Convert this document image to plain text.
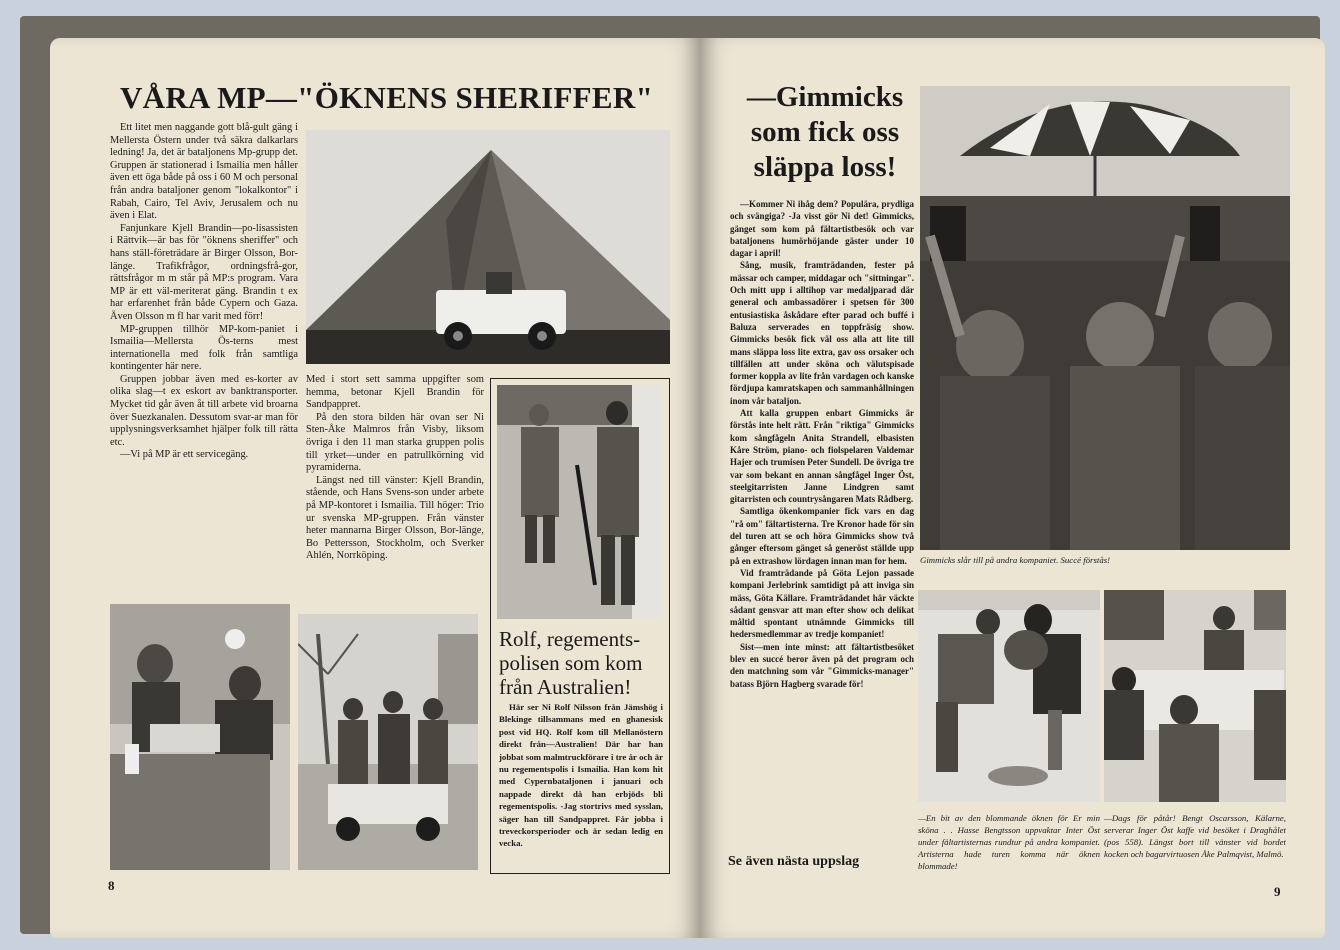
VÅRA MP—"ÖKNENS SHERIFFER"

Ett litet men naggande gott blå-gult gäng i Mellersta Östern under två säkra dalkarlars ledning! Ja, det är bataljonens Mp-grupp det. Gruppen är stationerad i Ismailia men håller även ett öga både på oss i 60 M och personal från andra bataljoner genom "lokalkontor" i Rabah, Cairo, Tel Aviv, Jerusalem och nu även i Elat.

Fanjunkare Kjell Brandin—po-lisassisten i Rättvik—är bas för "öknens sheriffer" och hans ställ-företrädare är Birger Olsson, Bor-länge. Trafikfrågor, ordningsfrå-gor, rättsfrågor m m står på MP:s program. Vara MP är ett väl-meriterat gäng. Brandin t ex har erfarenhet från både Cypern och Gaza. Även Olsson m fl har varit med förr!

MP-gruppen tillhör MP-kom-paniet i Ismailia—Mellersta Ös-terns mest internationella med folk från samtliga kontingenter här nere.

Gruppen jobbar även med es-korter av olika slag—t ex eskort av banktransporter. Mycket tid går även åt till arbete vid broarna över Suezkanalen. Dessutom svar-ar man för upplysningsverksamhet hjälper folk till rätta etc.

—Vi på MP är ett servicegäng.

Med i stort sett samma uppgifter som hemma, betonar Kjell Brandin för Sandpappret.

På den stora bilden här ovan ser Ni Sten-Åke Malmros från Visby, liksom övriga i den 11 man starka gruppen polis till yrket—under en patrullkörning vid pyramiderna.

Längst ned till vänster: Kjell Brandin, stående, och Hans Svens-son under arbete på MP-kontoret i Ismailia. Till höger: Trio ur svenska MP-gruppen. Från vänster heter mannarna Birger Olsson, Bor-länge, Bo Pettersson, Stockholm, och Sverker Ahlén, Norrköping.

Rolf, regements-polisen som kom från Australien!
Här ser Ni Rolf Nilsson från Jämshög i Blekinge tillsammans med en ghanesisk post vid HQ. Rolf kom till Mellanöstern direkt från—Australien! Där har han jobbat som malmtruckförare i tre år och är nu regementspolis i Ismailia. Han kom hit med Cypernbataljonen i januari och nappade direkt då han erbjöds bli regementspolis. -Jag stortrivs med sysslan, säger han till Sandpappret. Får jobba i treveckorsperioder och är sedan ledig en vecka.
8
—Gimmicks som fick oss släppa loss!

—Kommer Ni ihåg dem? Populära, prydliga och svängiga? -Ja visst gör Ni det! Gimmicks, gänget som kom på fältartistbesök och var bataljonens humörhöjande gäster under 10 dagar i april!

Sång, musik, framträdanden, fester på mässar och camper, middagar och "sittningar". Och mitt upp i alltihop var medaljparad där general och ambassadörer i spetsen för 300 entusiastiska åskådare efter parad och buffé i Baluza serverades en toppfräsig show. Gimmicks besök fick väl oss alla att lite till mans släppa loss lite extra, gav oss orsaker och tillfällen att under sköna och välutspisade former koppla av lite från vardagen och kanske fördjupa kamratskapen och sammanhållningen inom vår bataljon.

Att kalla gruppen enbart Gimmicks är förstås inte helt rätt. Från "riktiga" Gimmicks kom sångfågeln Anita Strandell, elbasisten Kåre Ström, piano- och fiolspelaren Valdemar Hajer och trumisen Peter Sundell. De övriga tre var som bekant en annan sångfågel Inger Öst, steelgitarristen Janne Lindgren samt gitarristen och countrysångaren Mats Rådberg.

Samtliga ökenkompanier fick vars en dag "rå om" fältartisterna. Tre Kronor hade för sin del turen att se och höra Gimmicks show två gånger eftersom gänget så generöst ställde upp på en extrashow lördagen innan man for hem.

Vid framträdande på Göta Lejon passade kompani Jerlebrink samtidigt på att inviga sin mäss, Göta Källare. Framträdandet här väckte sådant gensvar att man efter show och delikat måltid spontant utnämnde Gimmicks till hedersmedlemmar av tredje kompaniet!

Sist—men inte minst: att fältartistbesöket blev en succé beror även på det program och den matchning som vår "Gimmicks-manager" batass Björn Hagberg svarade för!

Se även nästa uppslag
Gimmicks slår till på andra kompaniet. Succé förstås!
—En bit av den blommande öknen för Er min sköna . . Hasse Bengtsson uppvaktar Inter Öst under fältartisternas rundtur på andra kompaniet. Artisterna hade turen komma när öknen blommade!
—Dags för påtår! Bengt Oscarsson, Kälarne, serverar Inger Öst kaffe vid besöket i Draghålet (pos 558). Längst bort till vänster vid bordet kocken och bagarvirtuosen Åke Palmqvist, Malmö.
9
